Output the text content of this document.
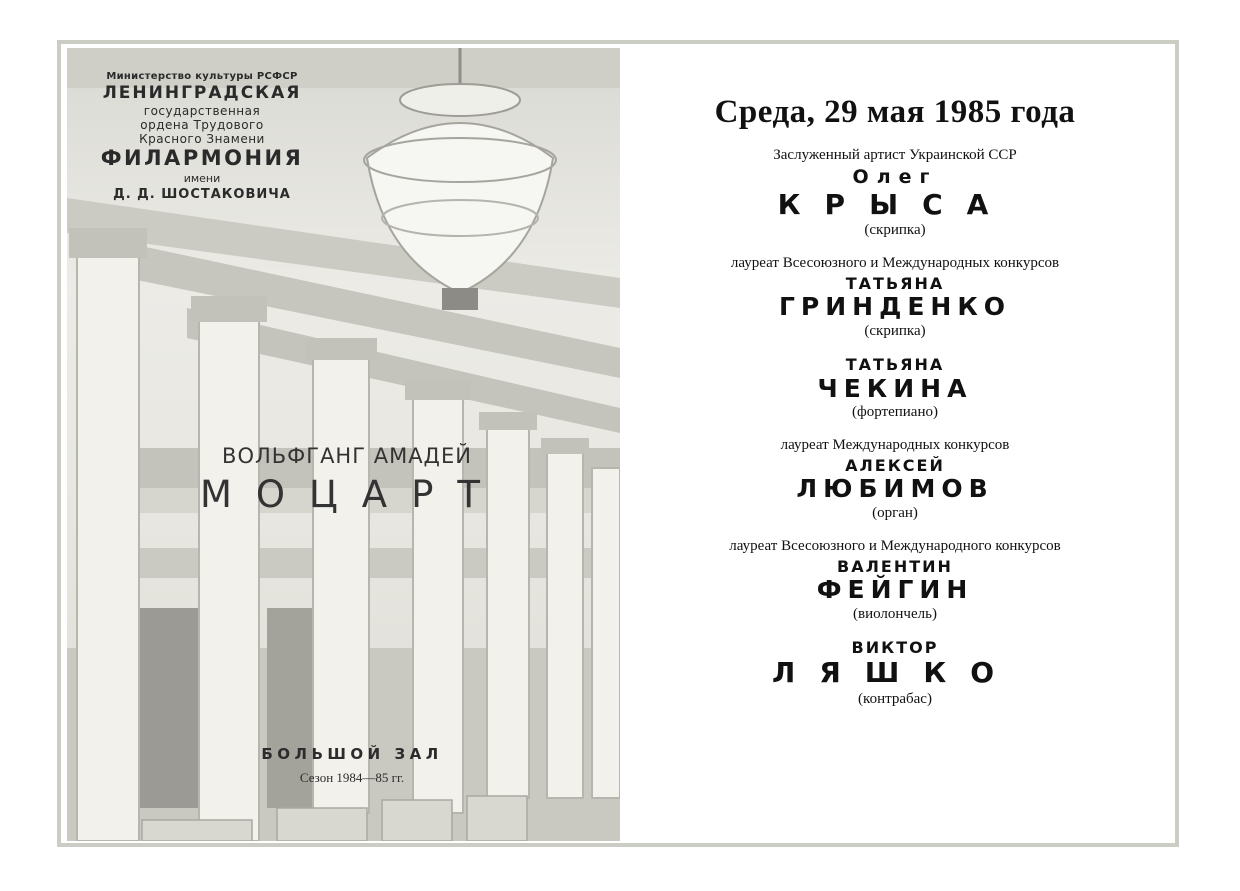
Министерство культуры РСФСР
ЛЕНИНГРАДСКАЯ
государственная
ордена Трудового
Красного Знамени
ФИЛАРМОНИЯ
имени
Д. Д. ШОСТАКОВИЧА
ВОЛЬФГАНГ АМАДЕЙ
МОЦАРТ
БОЛЬШОЙ ЗАЛ
Сезон 1984—85 гг.
Среда, 29 мая 1985 года
Заслуженный артист Украинской ССР
Олег
КРЫСА
(скрипка)
лауреат Всесоюзного и Международных конкурсов
ТАТЬЯНА
ГРИНДЕНКО
(скрипка)
ТАТЬЯНА
ЧЕКИНА
(фортепиано)
лауреат Международных конкурсов
АЛЕКСЕЙ
ЛЮБИМОВ
(орган)
лауреат Всесоюзного и Международного конкурсов
ВАЛЕНТИН
ФЕЙГИН
(виолончель)
ВИКТОР
ЛЯШКО
(контрабас)
